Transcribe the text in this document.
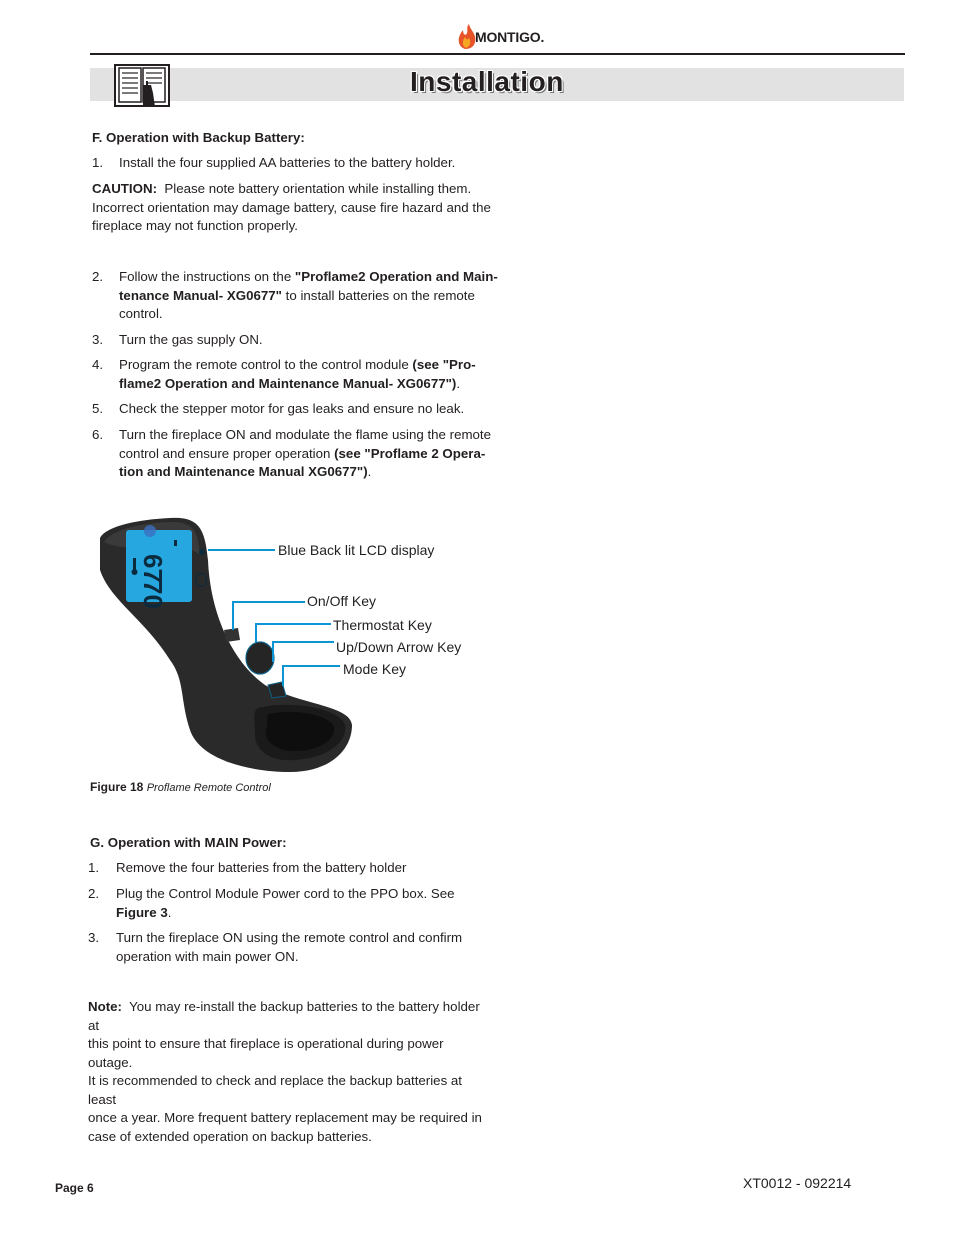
MONTIGO.
Installation
F. Operation with Backup Battery:
1. Install the four supplied AA batteries to the battery holder.
CAUTION: Please note battery orientation while installing them.
Incorrect orientation may damage battery, cause fire hazard and the
fireplace may not function properly.
2. Follow the instructions on the "Proflame2 Operation and Main-
tenance Manual- XG0677" to install batteries on the remote
control.
3. Turn the gas supply ON.
4. Program the remote control to the control module (see "Pro-
flame2 Operation and Maintenance Manual- XG0677").
5. Check the stepper motor for gas leaks and ensure no leak.
6. Turn the fireplace ON and modulate the flame using the remote
control and ensure proper operation (see "Proflame 2 Opera-
tion and Maintenance Manual XG0677").
67
70
Blue Back lit LCD display
On/Off Key
Thermostat Key
Up/Down Arrow Key
Mode Key
Figure 18 Proflame Remote Control
G. Operation with MAIN Power:
1. Remove the four batteries from the battery holder
2. Plug the Control Module Power cord to the PPO box. See
Figure 3.
3. Turn the fireplace ON using the remote control and confirm
operation with main power ON.
Note: You may re-install the backup batteries to the battery holder at
this point to ensure that fireplace is operational during power outage.
It is recommended to check and replace the backup batteries at least
once a year. More frequent battery replacement may be required in
case of extended operation on backup batteries.
Page 6	XT0012 - 092214
